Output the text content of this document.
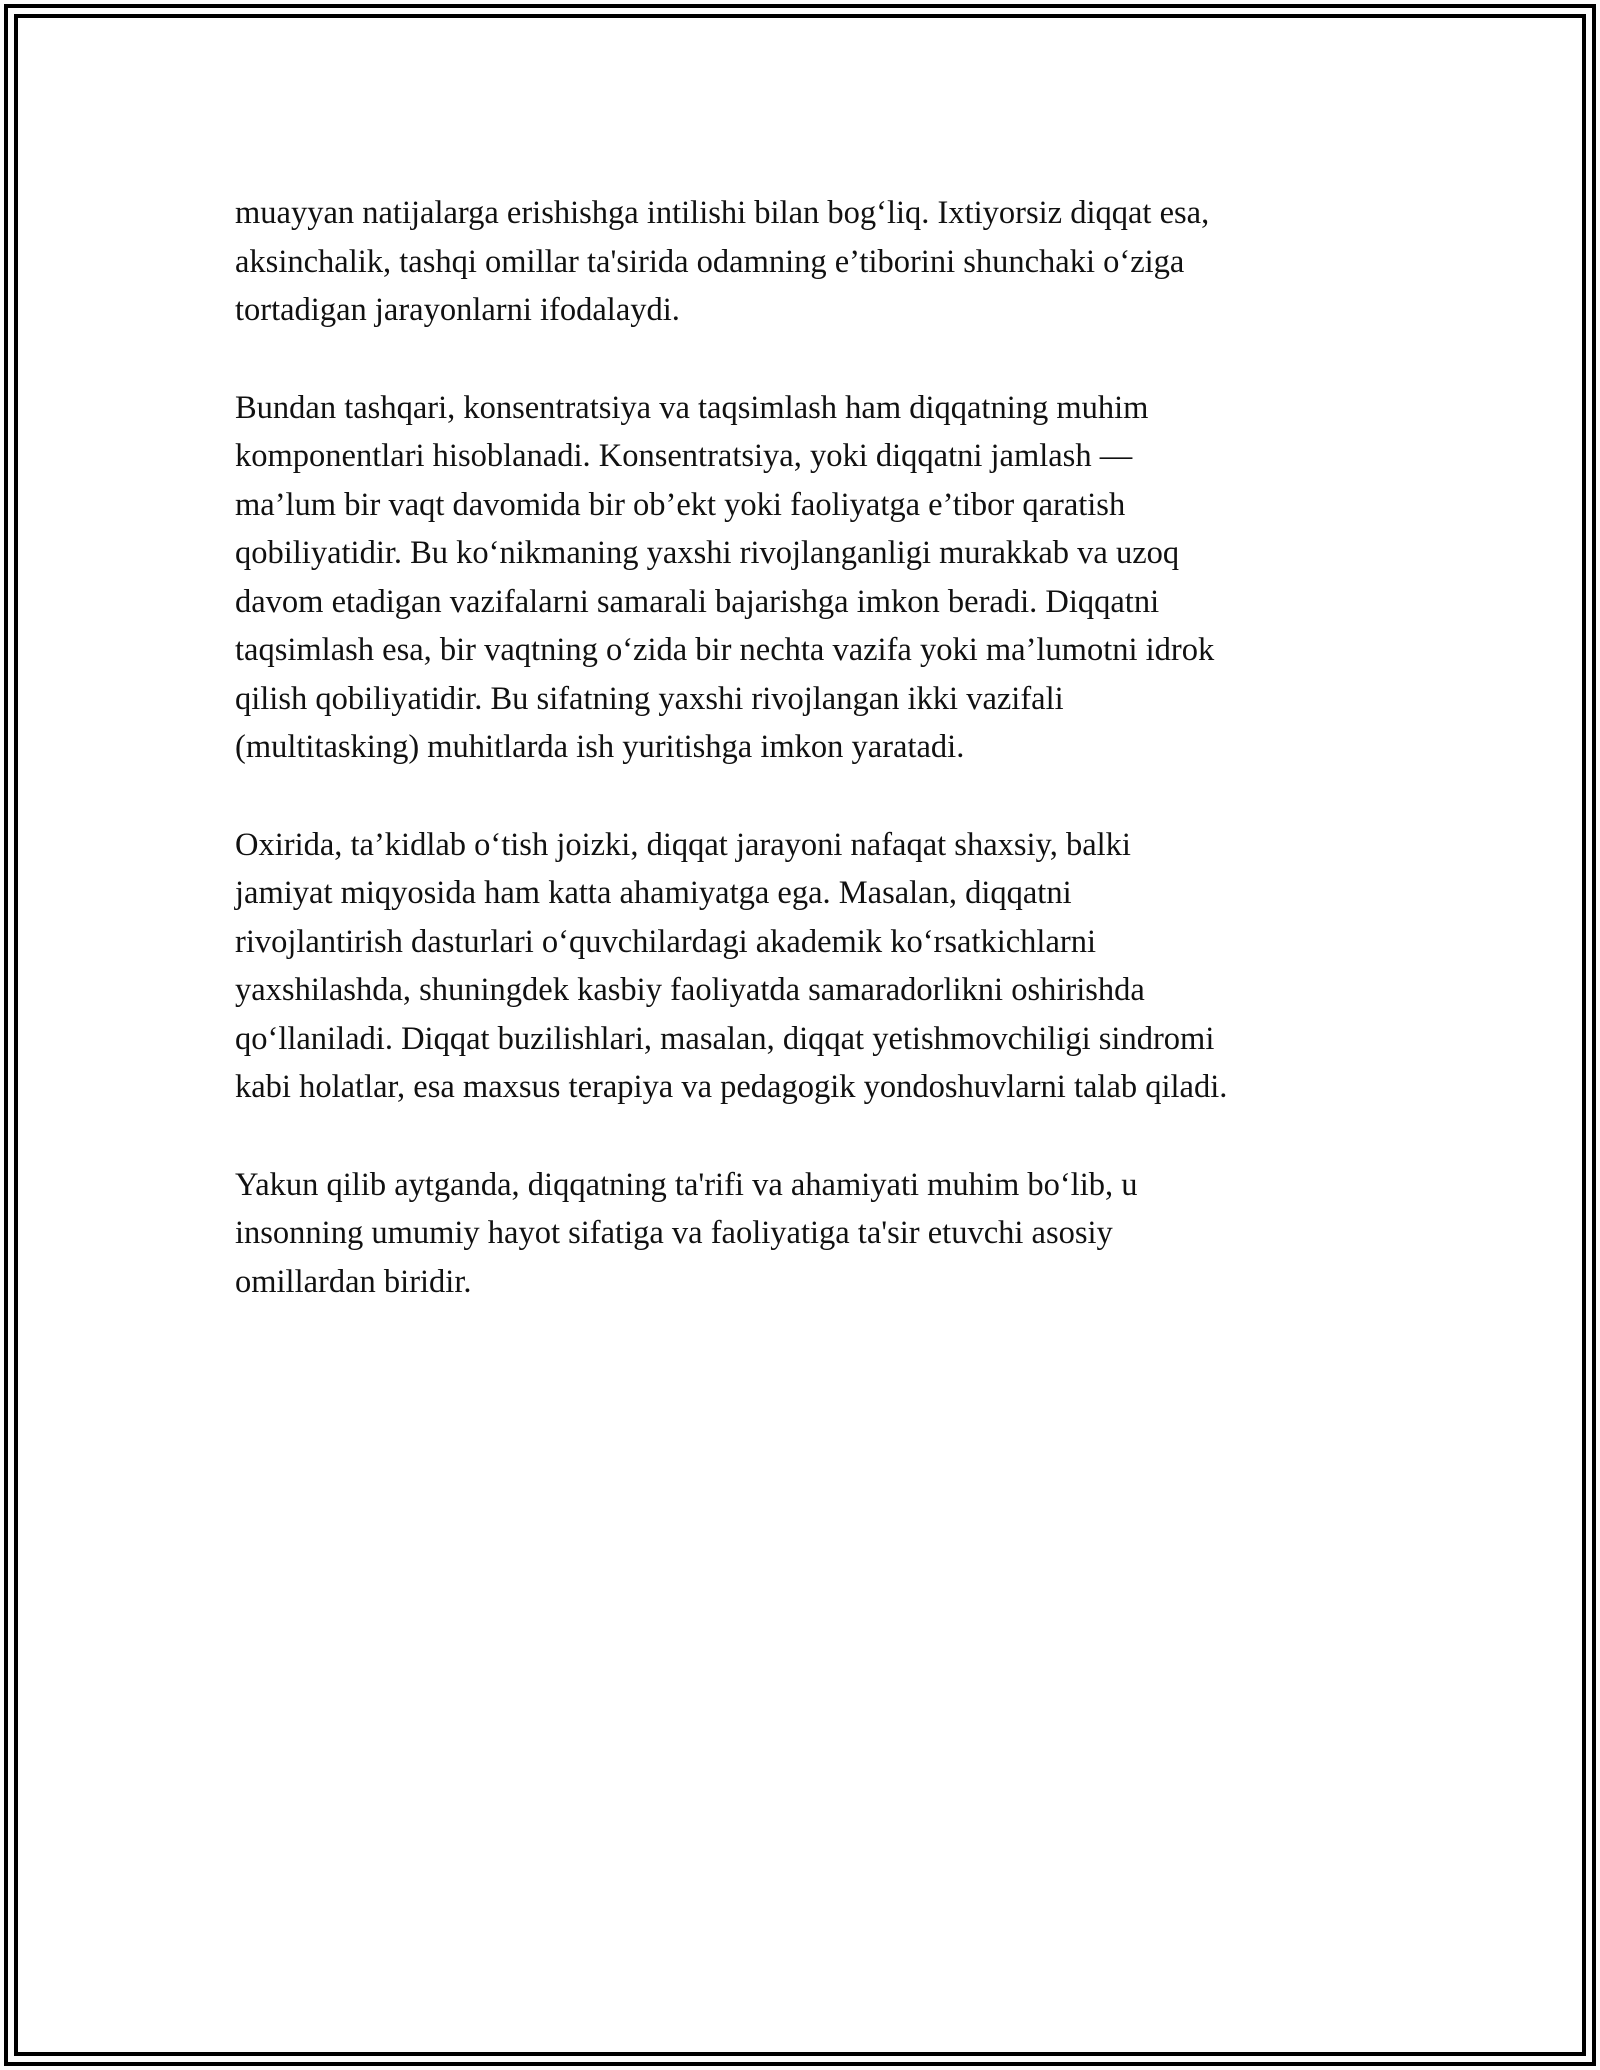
muayyan natijalarga erishishga intilishi bilan bog‘liq. Ixtiyorsiz diqqat esa,
aksinchalik, tashqi omillar ta'sirida odamning e’tiborini shunchaki o‘ziga
tortadigan jarayonlarni ifodalaydi.

Bundan tashqari, konsentratsiya va taqsimlash ham diqqatning muhim
komponentlari hisoblanadi. Konsentratsiya, yoki diqqatni jamlash —
ma’lum bir vaqt davomida bir ob’ekt yoki faoliyatga e’tibor qaratish
qobiliyatidir. Bu ko‘nikmaning yaxshi rivojlanganligi murakkab va uzoq
davom etadigan vazifalarni samarali bajarishga imkon beradi. Diqqatni
taqsimlash esa, bir vaqtning o‘zida bir nechta vazifa yoki ma’lumotni idrok
qilish qobiliyatidir. Bu sifatning yaxshi rivojlangan ikki vazifali
(multitasking) muhitlarda ish yuritishga imkon yaratadi.

Oxirida, ta’kidlab o‘tish joizki, diqqat jarayoni nafaqat shaxsiy, balki
jamiyat miqyosida ham katta ahamiyatga ega. Masalan, diqqatni
rivojlantirish dasturlari o‘quvchilardagi akademik ko‘rsatkichlarni
yaxshilashda, shuningdek kasbiy faoliyatda samaradorlikni oshirishda
qo‘llaniladi. Diqqat buzilishlari, masalan, diqqat yetishmovchiligi sindromi
kabi holatlar, esa maxsus terapiya va pedagogik yondoshuvlarni talab qiladi.

Yakun qilib aytganda, diqqatning ta'rifi va ahamiyati muhim bo‘lib, u
insonning umumiy hayot sifatiga va faoliyatiga ta'sir etuvchi asosiy
omillardan biridir.
